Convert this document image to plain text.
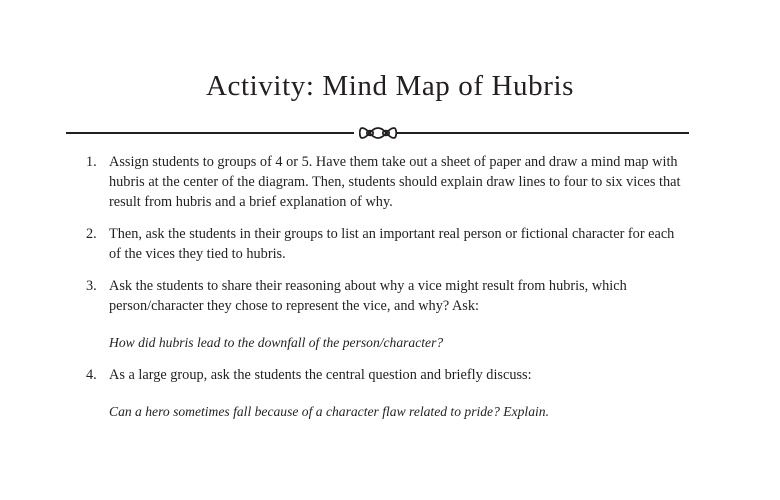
Activity: Mind Map of Hubris
1. Assign students to groups of 4 or 5. Have them take out a sheet of paper and draw a mind map with hubris at the center of the diagram. Then, students should explain draw lines to four to six vices that result from hubris and a brief explanation of why.
2. Then, ask the students in their groups to list an important real person or fictional character for each of the vices they tied to hubris.
3. Ask the students to share their reasoning about why a vice might result from hubris, which person/character they chose to represent the vice, and why? Ask:
How did hubris lead to the downfall of the person/character?
4. As a large group, ask the students the central question and briefly discuss:
Can a hero sometimes fall because of a character flaw related to pride? Explain.
